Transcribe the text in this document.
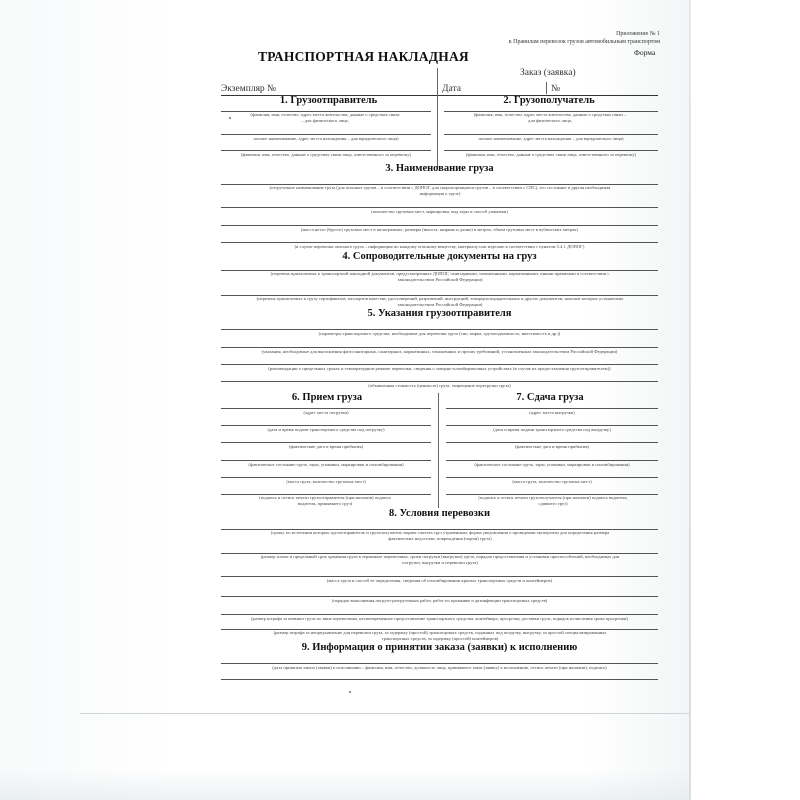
Приложение № 1
к Правилам перевозок грузов автомобильным транспортом
Форма
ТРАНСПОРТНАЯ НАКЛАДНАЯ
Заказ (заявка)
Экземпляр №	Дата	№
1. Грузоотправитель
(фамилия, имя, отчество, адрес места жительства, данные о средствах связи – для физического лица,
полное наименование, адрес места нахождения – для юридического лица)
(фамилия, имя, отчество, данные о средствах связи лица, ответственного за перевозку)
2. Грузополучатель
(фамилия, имя, отчество, адрес места жительства, данные о средствах связи – для физического лица,
полное наименование, адрес места нахождения – для юридического лица)
(фамилия, имя, отчество, данные о средствах связи лица, ответственного за перевозку)
3. Наименование груза
(отгрузочное наименование груза (для опасных грузов – в соответствии с ДОПОГ, для скоропортящихся грузов – в соответствии с СПС), его состояние и другая необходимая информация о грузе)
(количество грузовых мест, маркировка, вид тары и способ упаковки)
(масса нетто (брутто) грузовых мест в килограммах, размеры (высота, ширина и длина) в метрах, объем грузовых мест в кубических метрах)
(в случае перевозки опасного груза – информация по каждому опасному веществу, материалу или изделию в соответствии с пунктом 5.4.1 ДОПОГ)
4. Сопроводительные документы на груз
(перечень прилагаемых к транспортной накладной документов, предусмотренных ДОПОГ, санитарными, таможенными, карантинными, иными правилами в соответствии с законодательством Российской Федерации)
(перечень прилагаемых к грузу сертификатов, паспортов качества, удостоверений, разрешений, инструкций, товарораспорядительных и других документов, наличие которых установлено законодательством Российской Федерации)
5. Указания грузоотправителя
(параметры транспортного средства, необходимые для перевозки груза (тип, марка, грузоподъемность, вместимость и др.))
(указания, необходимые для выполнения фитосанитарных, санитарных, карантинных, таможенных и прочих требований, установленных законодательством Российской Федерации)
(рекомендации о предельных сроках и температурном режиме перевозки, сведения о запорно-пломбировочных устройствах (в случае их предоставления грузоотправителем))
(объявленная стоимость (ценность) груза, запрещение перегрузки груза)
6. Прием груза
(адрес места погрузки)
(дата и время подачи транспортного средства под погрузку)
(фактические дата и время прибытия)
(фактическое состояние груза, тары, упаковки, маркировки и опломбирования)
(масса груза, количество грузовых мест)
(подпись и оттиск печати грузоотправителя (при наличии) подпись водителя, принявшего груз)
7. Сдача груза
(адрес места выгрузки)
(дата и время подачи транспортного средства под выгрузку)
(фактические дата и время прибытия)
(фактическое состояние груза, тары, упаковки, маркировки и опломбирования)
(масса груза, количество грузовых мест)
(подпись и оттиск печати грузополучателя (при наличии) подпись водителя, сдавшего груз)
8. Условия перевозки
(сроки, по истечении которых грузоотправитель и грузополучатель вправе считать груз утраченным, форма уведомления о проведении экспертизы для определения размера фактических недостачи, повреждения (порчи) груза)
(размер платы и предельный срок хранения груза в терминале перевозчика, сроки погрузки (выгрузки) груза, порядок предоставления и установки приспособлений, необходимых для погрузки, выгрузки и перевозки груза)
(масса груза и способ ее определения, сведения об опломбировании крытых транспортных средств и контейнеров)
(порядок выполнения погрузо-разгрузочных работ, работ по промывке и дезинфекции транспортных средств)
(размер штрафа за невывоз груза по вине перевозчика, несвоевременное предоставление транспортного средства, контейнера, просрочку доставки груза, порядок исчисления срока просрочки)
(размер штрафа за непредъявление для перевозки груза, за задержку (простой) транспортных средств, поданных под погрузку, выгрузку, за простой специализированных транспортных средств, за задержку (простой) контейнеров)
9. Информация о принятии заказа (заявки) к исполнению
(дата принятия заказа (заявки) к исполнению – фамилия, имя, отчество, должность лица, принявшего заказ (заявку) к исполнению, оттиск печати (при наличии), подпись)
